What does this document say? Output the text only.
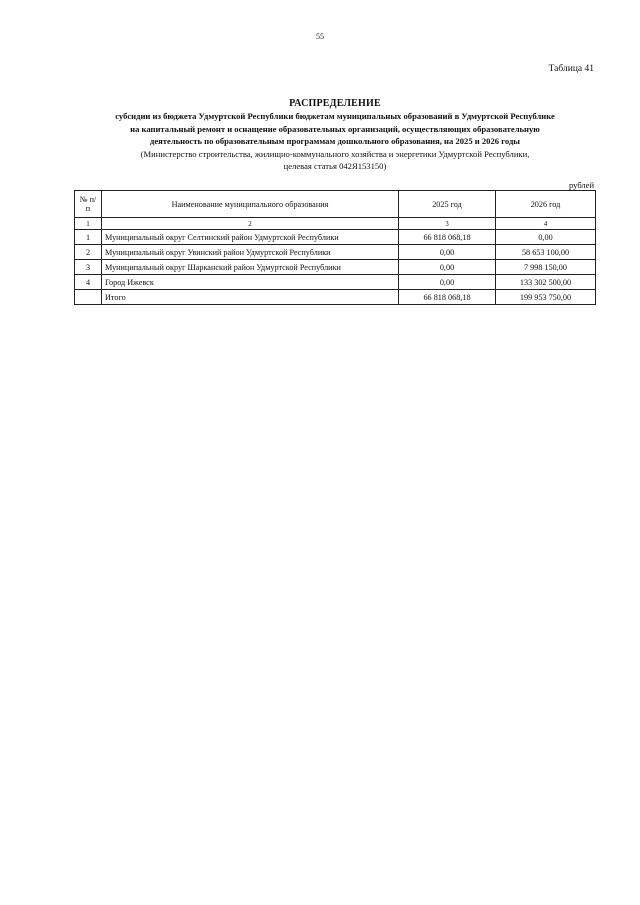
55
Таблица 41
РАСПРЕДЕЛЕНИЕ
субсидии из бюджета Удмуртской Республики бюджетам муниципальных образований в Удмуртской Республике
на капитальный ремонт и оснащение образовательных организаций, осуществляющих образовательную
деятельность по образовательным программам дошкольного образования, на 2025 и 2026 годы
(Министерство строительства, жилищно-коммунального хозяйства и энергетики Удмуртской Республики,
целевая статья 042Я153150)
рублей
№ п/п	Наименование муниципального образования	2025 год	2026 год
1	2	3	4
1	Муниципальный округ Селтинский район Удмуртской Республики	66 818 068,18	0,00
2	Муниципальный округ Увинский район Удмуртской Республики	0,00	58 653 100,00
3	Муниципальный округ Шарканский район Удмуртской Республики	0,00	7 998 150,00
4	Город Ижевск	0,00	133 302 500,00
	Итого	66 818 068,18	199 953 750,00
